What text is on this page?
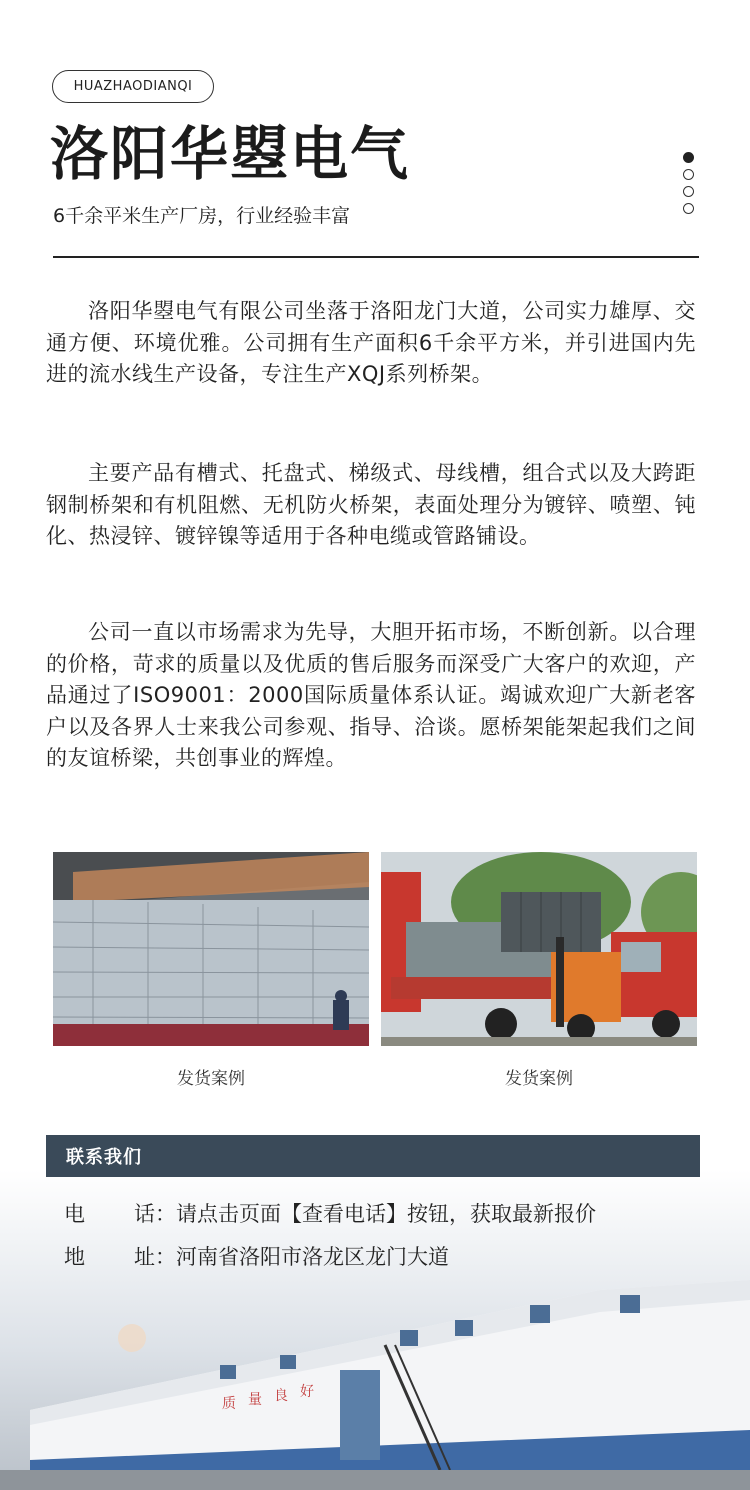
HUAZHAODIANQI
洛阳华曌电气
6千余平米生产厂房，行业经验丰富

洛阳华曌电气有限公司坐落于洛阳龙门大道，公司实力雄厚、交通方便、环境优雅。公司拥有生产面积6千余平方米，并引进国内先进的流水线生产设备，专注生产XQJ系列桥架。

主要产品有槽式、托盘式、梯级式、母线槽，组合式以及大跨距钢制桥架和有机阻燃、无机防火桥架，表面处理分为镀锌、喷塑、钝化、热浸锌、镀锌镍等适用于各种电缆或管路铺设。

公司一直以市场需求为先导，大胆开拓市场，不断创新。以合理的价格，苛求的质量以及优质的售后服务而深受广大客户的欢迎，产品通过了ISO9001：2000国际质量体系认证。竭诚欢迎广大新老客户以及各界人士来我公司参观、指导、洽谈。愿桥架能架起我们之间的友谊桥梁，共创事业的辉煌。

发货案例	发货案例
质 量 良 好
联系我们
电	话： 请点击页面【查看电话】按钮，获取最新报价
地	址： 河南省洛阳市洛龙区龙门大道
